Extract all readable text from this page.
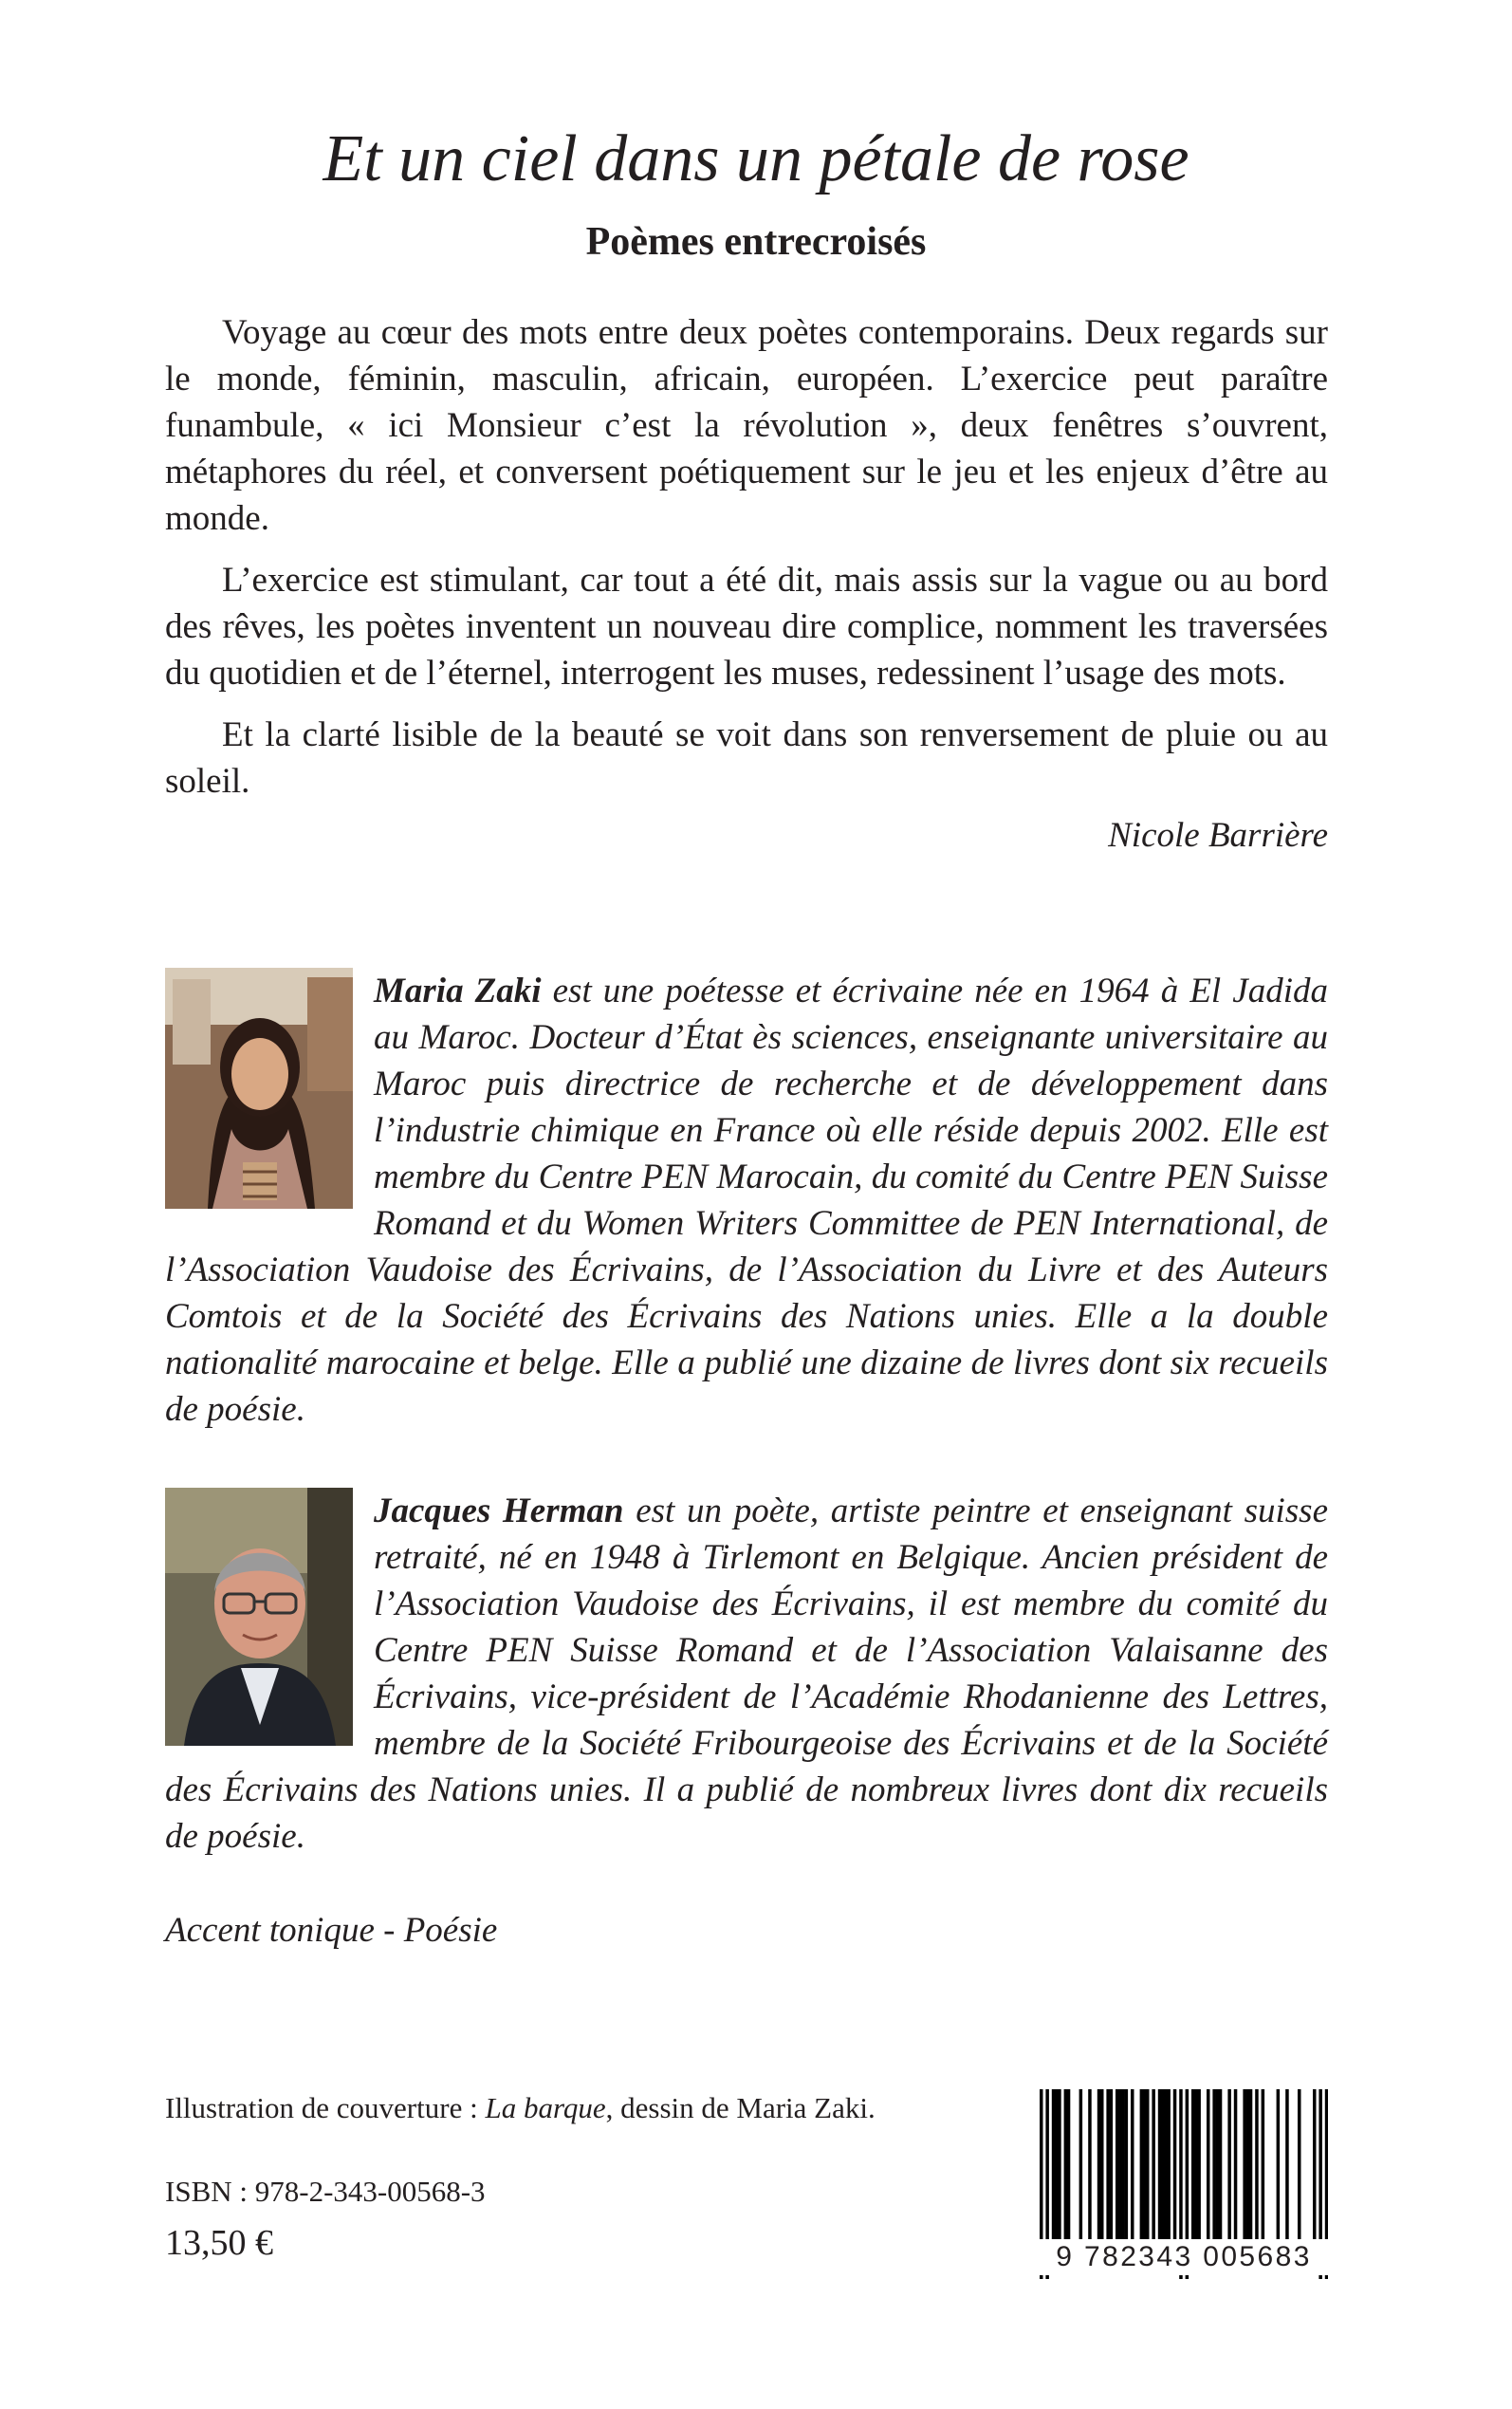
Et un ciel dans un pétale de rose
Poèmes entrecroisés

Voyage au cœur des mots entre deux poètes contemporains. Deux regards sur le monde, féminin, masculin, africain, européen. L’exercice peut paraître funambule, « ici Monsieur c’est la révolution », deux fenêtres s’ouvrent, métaphores du réel, et conversent poétiquement sur le jeu et les enjeux d’être au monde.

L’exercice est stimulant, car tout a été dit, mais assis sur la vague ou au bord des rêves, les poètes inventent un nouveau dire complice, nomment les traversées du quotidien et de l’éternel, interrogent les muses, redessinent l’usage des mots.

Et la clarté lisible de la beauté se voit dans son renversement de pluie ou au soleil.

Nicole Barrière
Maria Zaki est une poétesse et écrivaine née en 1964 à El Jadida au Maroc. Docteur d’État ès sciences, enseignante universitaire au Maroc puis directrice de recherche et de développement dans l’industrie chimique en France où elle réside depuis 2002. Elle est membre du Centre PEN Marocain, du comité du Centre PEN Suisse Romand et du Women Writers Committee de PEN International, de l’Association Vaudoise des Écrivains, de l’Association du Livre et des Auteurs Comtois et de la Société des Écrivains des Nations unies. Elle a la double nationalité marocaine et belge. Elle a publié une dizaine de livres dont six recueils de poésie.
Jacques Herman est un poète, artiste peintre et enseignant suisse retraité, né en 1948 à Tirlemont en Belgique. Ancien président de l’Association Vaudoise des Écrivains, il est membre du comité du Centre PEN Suisse Romand et de l’Association Valaisanne des Écrivains, vice-président de l’Académie Rhodanienne des Lettres, membre de la Société Fribourgeoise des Écrivains et de la Société des Écrivains des Nations unies. Il a publié de nombreux livres dont dix recueils de poésie.
Accent tonique - Poésie
Illustration de couverture : La barque, dessin de Maria Zaki.
ISBN : 978-2-343-00568-3
13,50 €	9 782343 005683
